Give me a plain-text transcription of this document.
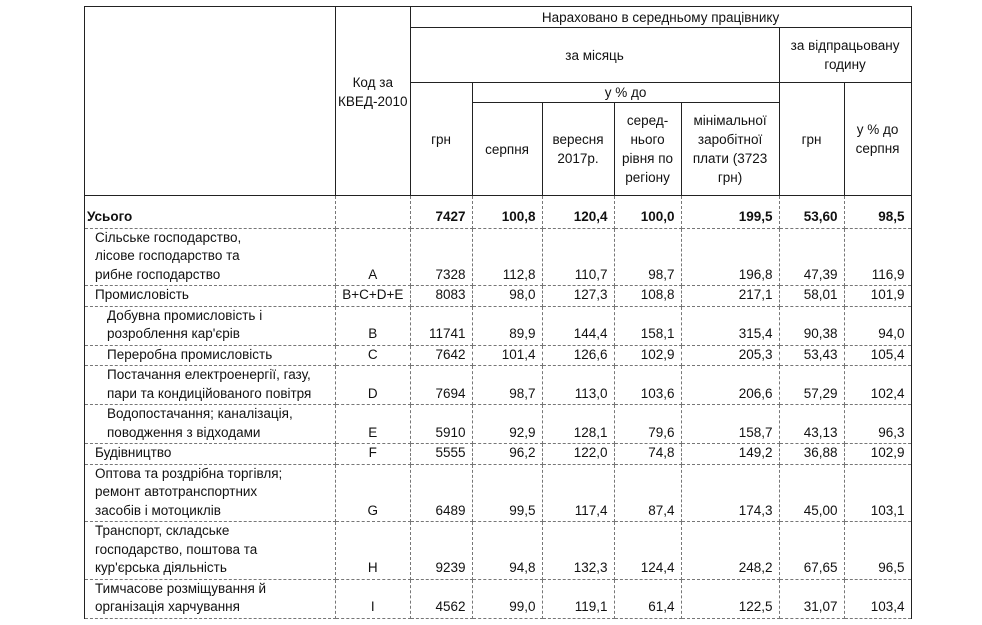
	Код за КВЕД-2010	Нараховано в середньому працівнику						
		за місяць					за відпрацьовану годину	
		грн	у % до				грн	у % до серпня
			серпня	вересня 2017р.	серед-нього рівня по регіону	мінімальної заробітної плати (3723 грн)		

Усього		7427	100,8	120,4	100,0	199,5	53,60	98,5

Сільське господарство, лісове господарство та рибне господарство	A	7328	112,8	110,7	98,7	196,8	47,39	116,9

Промисловість	B+C+D+E	8083	98,0	127,3	108,8	217,1	58,01	101,9

Добувна промисловість і розроблення кар'єрів	B	11741	89,9	144,4	158,1	315,4	90,38	94,0

Переробна промисловість	C	7642	101,4	126,6	102,9	205,3	53,43	105,4

Постачання електроенергії, газу, пари та кондиційованого повітря	D	7694	98,7	113,0	103,6	206,6	57,29	102,4

Водопостачання; каналізація, поводження з відходами	E	5910	92,9	128,1	79,6	158,7	43,13	96,3

Будівництво	F	5555	96,2	122,0	74,8	149,2	36,88	102,9

Оптова та роздрібна торгівля; ремонт автотранспортних засобів і мотоциклів	G	6489	99,5	117,4	87,4	174,3	45,00	103,1

Транспорт, складське господарство, поштова та кур'єрська діяльність	H	9239	94,8	132,3	124,4	248,2	67,65	96,5

Тимчасове розміщування й організація харчування	I	4562	99,0	119,1	61,4	122,5	31,07	103,4
